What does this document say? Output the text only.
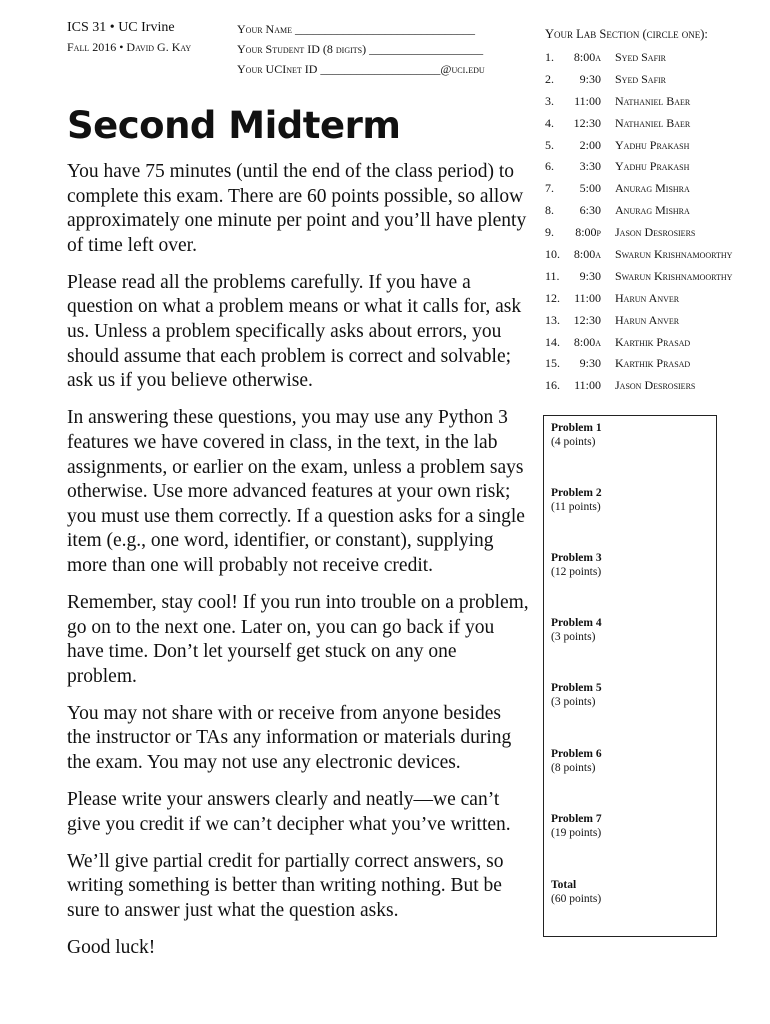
ICS 31 • UC Irvine
Fall 2016 • David G. Kay
Your Name ______________________________
Your Student ID (8 digits) ___________________
Your UCInet ID ____________________@uci.edu
Second Midterm

You have 75 minutes (until the end of the class period) to complete this exam. There are 60 points possible, so allow approximately one minute per point and you’ll have plenty of time left over.

Please read all the problems carefully. If you have a question on what a problem means or what it calls for, ask us. Unless a problem specifically asks about errors, you should assume that each problem is correct and solvable; ask us if you believe otherwise.

In answering these questions, you may use any Python 3 features we have covered in class, in the text, in the lab assignments, or earlier on the exam, unless a problem says otherwise. Use more advanced features at your own risk; you must use them correctly. If a question asks for a single item (e.g., one word, identifier, or constant), supplying more than one will probably not receive credit.

Remember, stay cool! If you run into trouble on a problem, go on to the next one. Later on, you can go back if you have time. Don’t let yourself get stuck on any one problem.

You may not share with or receive from anyone besides the instructor or TAs any information or materials during the exam. You may not use any electronic devices.

Please write your answers clearly and neatly—we can’t give you credit if we can’t decipher what you’ve written.

We’ll give partial credit for partially correct answers, so writing something is better than writing nothing. But be sure to answer just what the question asks.

Good luck!

Your Lab Section (circle one):
1.	8:00a Syed Safir
2.	9:30 Syed Safir
3.	11:00 Nathaniel Baer
4.	12:30 Nathaniel Baer
5.	2:00 Yadhu Prakash
6.	3:30 Yadhu Prakash
7.	5:00 Anurag Mishra
8.	6:30 Anurag Mishra
9.	8:00p Jason Desrosiers
10.	8:00a Swarun Krishnamoorthy
11.	9:30 Swarun Krishnamoorthy
12.	11:00 Harun Anver
13.	12:30 Harun Anver
14.	8:00a Karthik Prasad
15.	9:30 Karthik Prasad
16.	11:00 Jason Desrosiers
Problem 1
(4 points)
Problem 2
(11 points)
Problem 3
(12 points)
Problem 4
(3 points)
Problem 5
(3 points)
Problem 6
(8 points)
Problem 7
(19 points)
Total
(60 points)
